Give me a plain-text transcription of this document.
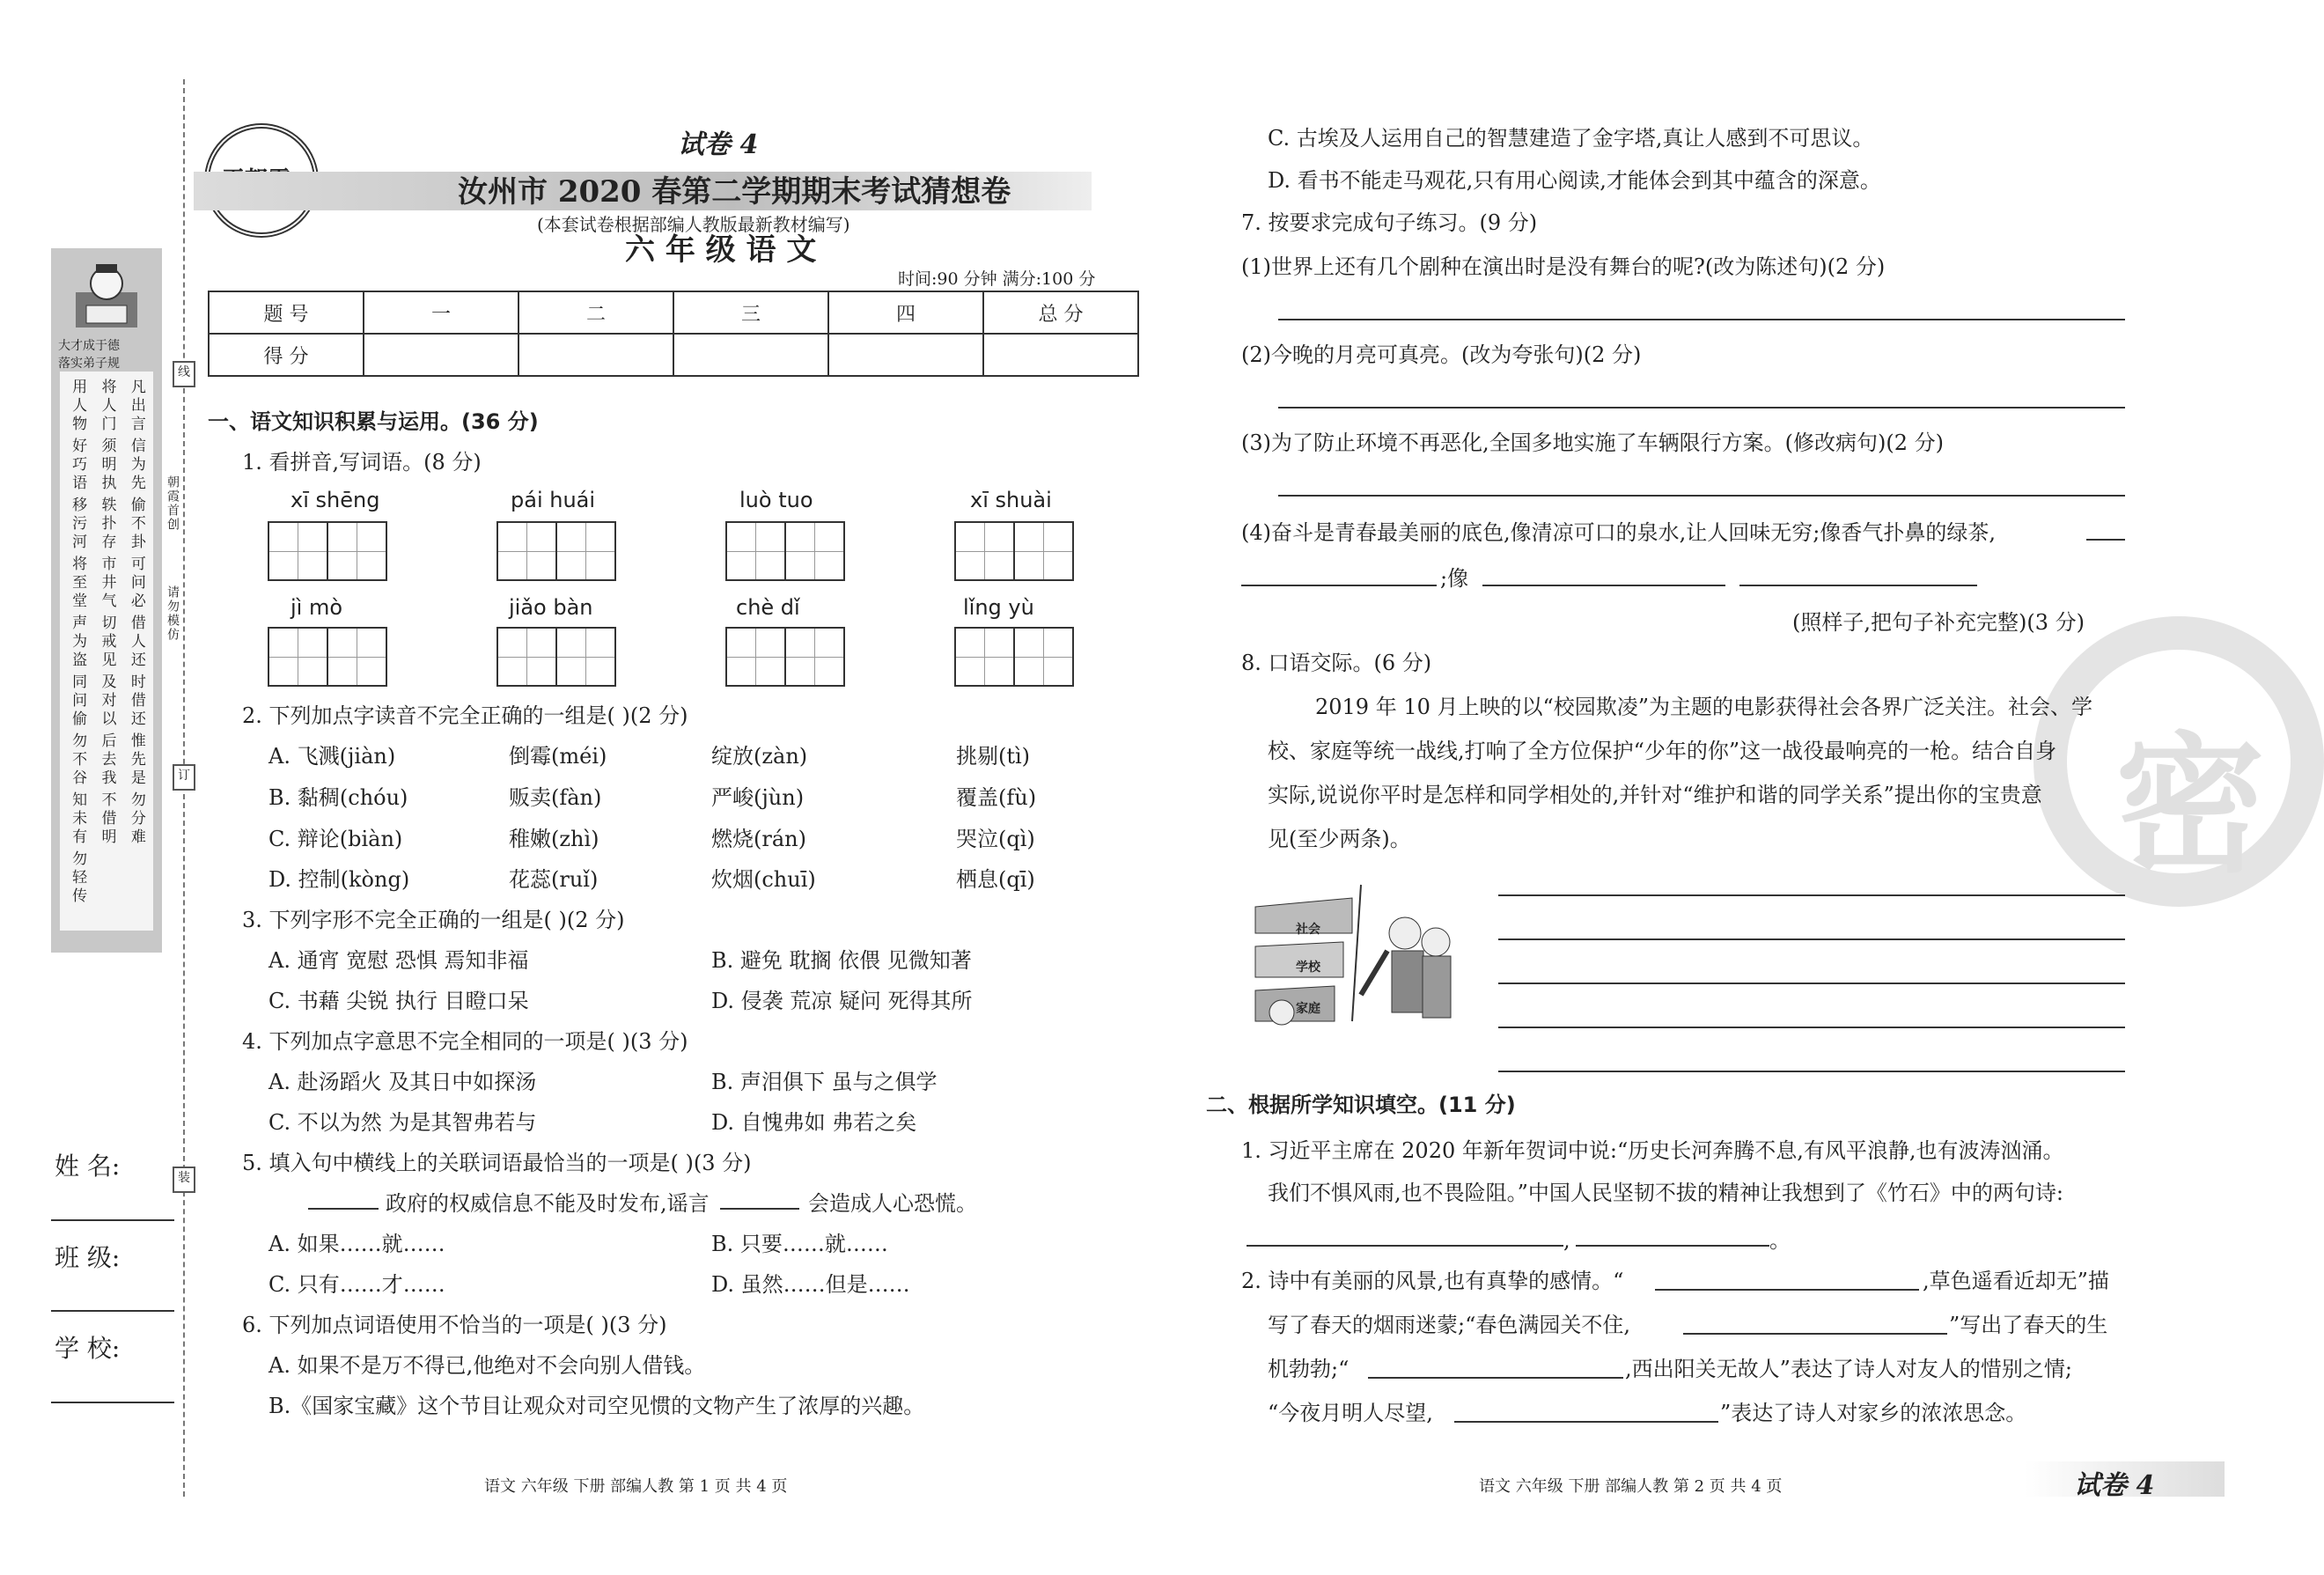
线
订
装
朝霞首创
请勿模仿
大才成于德
落实弟子规
用人物
将人门
凡出言
好巧语
须明执
信为先
移污河
轶扑存
偷不卦
将至堂
市井气
可问必
声为盗
切戒见
借人还
同问偷
及对以
时借还
勿不谷
后去我
惟先是
知未有
不借明
勿分难
勿轻传
姓 名:
班 级:
学 校:
试卷 4
汝州市 2020 春第二学期期末考试猜想卷
(本套试卷根据部编人教版最新教材编写)
六 年 级 语 文
时间:90 分钟 满分:100 分
题 号	一	二	三	四	总 分
得 分					
一、语文知识积累与运用。(36 分)
1. 看拼音,写词语。(8 分)
xī shēng	pái huái	luò tuo	xī shuài
jì mò	jiǎo bàn	chè dǐ	lǐng yù
2. 下列加点字读音不完全正确的一组是( )(2 分)
A. 飞溅(jiàn)	倒霉(méi)	绽放(zàn)	挑剔(tì)
B. 黏稠(chóu)	贩卖(fàn)	严峻(jùn)	覆盖(fù)
C. 辩论(biàn)	稚嫩(zhì)	燃烧(rán)	哭泣(qì)
D. 控制(kòng)	花蕊(ruǐ)	炊烟(chuī)	栖息(qī)
3. 下列字形不完全正确的一组是( )(2 分)
A. 通宵 宽慰 恐惧 焉知非福	B. 避免 耽搁 依偎 见微知著
C. 书藉 尖锐 执行 目瞪口呆	D. 侵袭 荒凉 疑问 死得其所
4. 下列加点字意思不完全相同的一项是( )(3 分)
A. 赴汤蹈火 及其日中如探汤	B. 声泪俱下 虽与之俱学
C. 不以为然 为是其智弗若与	D. 自愧弗如 弗若之矣
5. 填入句中横线上的关联词语最恰当的一项是( )(3 分)
政府的权威信息不能及时发布,谣言	会造成人心恐慌。
A. 如果……就……	B. 只要……就……
C. 只有……才……	D. 虽然……但是……
6. 下列加点词语使用不恰当的一项是( )(3 分)
A. 如果不是万不得已,他绝对不会向别人借钱。
B.《国家宝藏》这个节目让观众对司空见惯的文物产生了浓厚的兴趣。
语文 六年级 下册 部编人教 第 1 页 共 4 页
密
C. 古埃及人运用自己的智慧建造了金字塔,真让人感到不可思议。
D. 看书不能走马观花,只有用心阅读,才能体会到其中蕴含的深意。
7. 按要求完成句子练习。(9 分)
(1)世界上还有几个剧种在演出时是没有舞台的呢?(改为陈述句)(2 分)
(2)今晚的月亮可真亮。(改为夸张句)(2 分)
(3)为了防止环境不再恶化,全国多地实施了车辆限行方案。(修改病句)(2 分)
(4)奋斗是青春最美丽的底色,像清凉可口的泉水,让人回味无穷;像香气扑鼻的绿茶,
;像
(照样子,把句子补充完整)(3 分)
8. 口语交际。(6 分)
2019 年 10 月上映的以“校园欺凌”为主题的电影获得社会各界广泛关注。社会、学
校、家庭等统一战线,打响了全方位保护“少年的你”这一战役最响亮的一枪。结合自身
实际,说说你平时是怎样和同学相处的,并针对“维护和谐的同学关系”提出你的宝贵意
见(至少两条)。
社会
学校
家庭
二、根据所学知识填空。(11 分)
1. 习近平主席在 2020 年新年贺词中说:“历史长河奔腾不息,有风平浪静,也有波涛汹涌。
我们不惧风雨,也不畏险阻。”中国人民坚韧不拔的精神让我想到了《竹石》中的两句诗:
,	。
2. 诗中有美丽的风景,也有真挚的感情。“	,草色遥看近却无”描
写了春天的烟雨迷蒙;“春色满园关不住,	”写出了春天的生
机勃勃;“	,西出阳关无故人”表达了诗人对友人的惜别之情;
“今夜月明人尽望,	”表达了诗人对家乡的浓浓思念。
语文 六年级 下册 部编人教 第 2 页 共 4 页	试卷 4
